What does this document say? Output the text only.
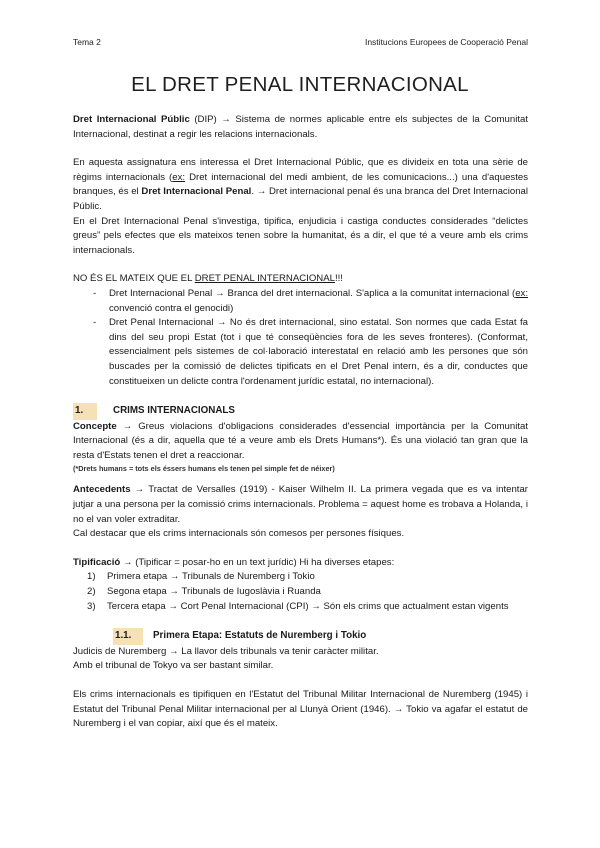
Tema 2	Institucions Europees de Cooperació Penal
EL DRET PENAL INTERNACIONAL

Dret Internacional Públic (DIP) → Sistema de normes aplicable entre els subjectes de la Comunitat Internacional, destinat a regir les relacions internacionals.

En aquesta assignatura ens interessa el Dret Internacional Públic, que es divideix en tota una sèrie de règims internacionals (ex: Dret internacional del medi ambient, de les comunicacions...) una d'aquestes branques, és el Dret Internacional Penal. → Dret internacional penal és una branca del Dret Internacional Públic.

En el Dret Internacional Penal s'investiga, tipifica, enjudicia i castiga conductes considerades “delictes greus” pels efectes que els mateixos tenen sobre la humanitat, és a dir, el que té a veure amb els crims internacionals.

NO ÉS EL MATEIX QUE EL DRET PENAL INTERNACIONAL!!!

- Dret Internacional Penal → Branca del dret internacional. S'aplica a la comunitat internacional (ex: convenció contra el genocidi)
- Dret Penal Internacional → No és dret internacional, sino estatal. Son normes que cada Estat fa dins del seu propi Estat (tot i que té conseqüències fora de les seves fronteres). (Conformat, essencialment pels sistemes de col·laboració interestatal en relació amb les persones que són buscades per la comissió de delictes tipificats en el Dret Penal intern, és a dir, conductes que constitueixen un delicte contra l'ordenament jurídic estatal, no internacional).

1.	CRIMS INTERNACIONALS

Concepte → Greus violacions d'obligacions considerades d'essencial importància per la Comunitat Internacional (és a dir, aquella que té a veure amb els Drets Humans*). És una violació tan gran que la resta d'Estats tenen el dret a reaccionar.

(*Drets humans = tots els éssers humans els tenen pel simple fet de néixer)

Antecedents → Tractat de Versalles (1919) - Kaiser Wilhelm II. La primera vegada que es va intentar jutjar a una persona per la comissió crims internacionals. Problema = aquest home es trobava a Holanda, i no el van voler extraditar.

Cal destacar que els crims internacionals són comesos per persones físiques.

Tipificació → (Tipificar = posar-ho en un text jurídic) Hi ha diverses etapes:

1) Primera etapa → Tribunals de Nuremberg i Tokio
2) Segona etapa → Tribunals de Iugoslàvia i Ruanda
3) Tercera etapa → Cort Penal Internacional (CPI) → Són els crims que actualment estan vigents

1.1. Primera Etapa: Estatuts de Nuremberg i Tokio

Judicis de Nuremberg → La llavor dels tribunals va tenir caràcter militar.

Amb el tribunal de Tokyo va ser bastant similar.

Els crims internacionals es tipifiquen en l'Estatut del Tribunal Militar Internacional de Nuremberg (1945) i Estatut del Tribunal Penal Militar internacional per al Llunyà Orient (1946). → Tokio va agafar el estatut de Nuremberg i el van copiar, així que és el mateix.
